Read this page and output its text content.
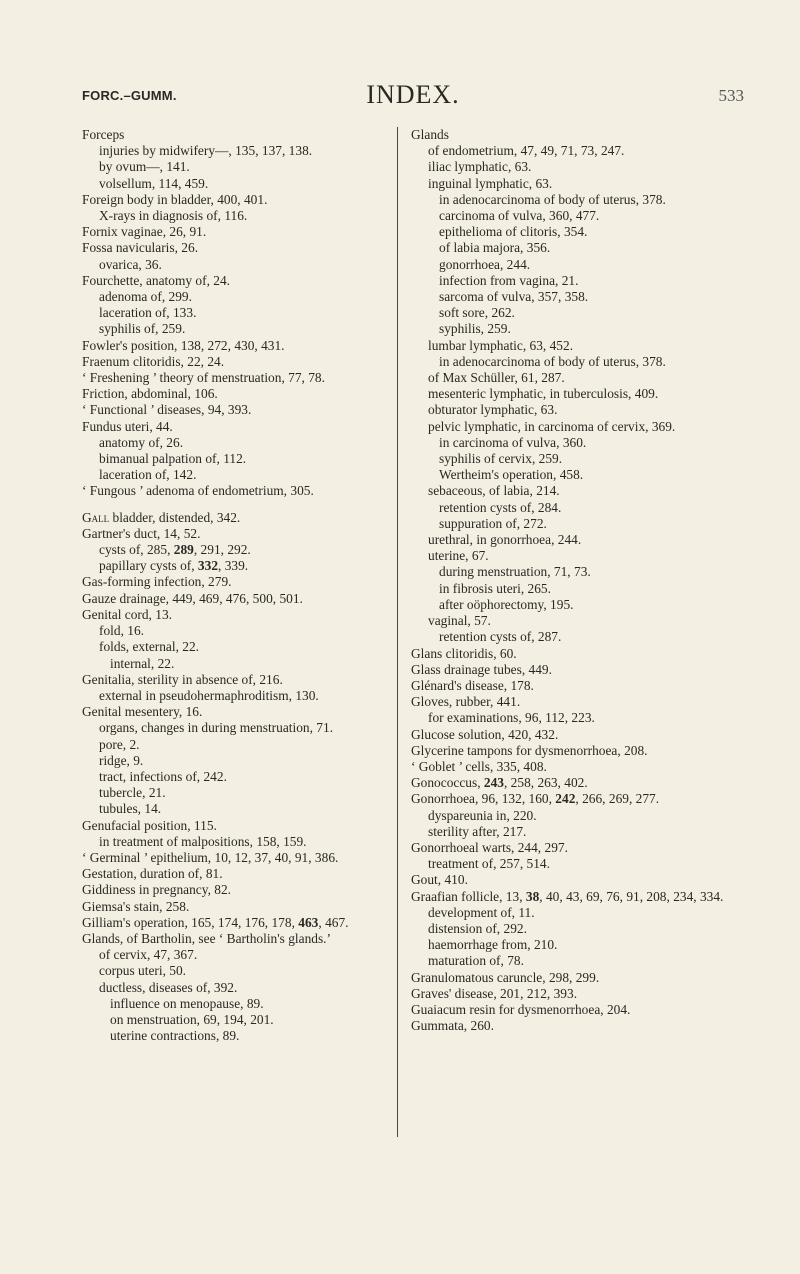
FORC.–GUMM.	INDEX.	533

Forceps

injuries by midwifery—, 135, 137, 138.

by ovum—, 141.

volsellum, 114, 459.

Foreign body in bladder, 400, 401.

X-rays in diagnosis of, 116.

Fornix vaginae, 26, 91.

Fossa navicularis, 26.

ovarica, 36.

Fourchette, anatomy of, 24.

adenoma of, 299.

laceration of, 133.

syphilis of, 259.

Fowler's position, 138, 272, 430, 431.

Fraenum clitoridis, 22, 24.

‘ Freshening ’ theory of menstruation, 77, 78.

Friction, abdominal, 106.

‘ Functional ’ diseases, 94, 393.

Fundus uteri, 44.

anatomy of, 26.

bimanual palpation of, 112.

laceration of, 142.

‘ Fungous ’ adenoma of endometrium, 305.

Gall bladder, distended, 342.

Gartner's duct, 14, 52.

cysts of, 285, 289, 291, 292.

papillary cysts of, 332, 339.

Gas-forming infection, 279.

Gauze drainage, 449, 469, 476, 500, 501.

Genital cord, 13.

fold, 16.

folds, external, 22.

internal, 22.

Genitalia, sterility in absence of, 216.

external in pseudohermaphroditism, 130.

Genital mesentery, 16.

organs, changes in during menstruation, 71.

pore, 2.

ridge, 9.

tract, infections of, 242.

tubercle, 21.

tubules, 14.

Genufacial position, 115.

in treatment of malpositions, 158, 159.

‘ Germinal ’ epithelium, 10, 12, 37, 40, 91, 386.

Gestation, duration of, 81.

Giddiness in pregnancy, 82.

Giemsa's stain, 258.

Gilliam's operation, 165, 174, 176, 178, 463, 467.

Glands, of Bartholin, see ‘ Bartholin's glands.’

of cervix, 47, 367.

corpus uteri, 50.

ductless, diseases of, 392.

influence on menopause, 89.

on menstruation, 69, 194, 201.

uterine contractions, 89.

Glands

of endometrium, 47, 49, 71, 73, 247.

iliac lymphatic, 63.

inguinal lymphatic, 63.

in adenocarcinoma of body of uterus, 378.

carcinoma of vulva, 360, 477.

epithelioma of clitoris, 354.

of labia majora, 356.

gonorrhoea, 244.

infection from vagina, 21.

sarcoma of vulva, 357, 358.

soft sore, 262.

syphilis, 259.

lumbar lymphatic, 63, 452.

in adenocarcinoma of body of uterus, 378.

of Max Schüller, 61, 287.

mesenteric lymphatic, in tuberculosis, 409.

obturator lymphatic, 63.

pelvic lymphatic, in carcinoma of cervix, 369.

in carcinoma of vulva, 360.

syphilis of cervix, 259.

Wertheim's operation, 458.

sebaceous, of labia, 214.

retention cysts of, 284.

suppuration of, 272.

urethral, in gonorrhoea, 244.

uterine, 67.

during menstruation, 71, 73.

in fibrosis uteri, 265.

after oöphorectomy, 195.

vaginal, 57.

retention cysts of, 287.

Glans clitoridis, 60.

Glass drainage tubes, 449.

Glénard's disease, 178.

Gloves, rubber, 441.

for examinations, 96, 112, 223.

Glucose solution, 420, 432.

Glycerine tampons for dysmenorrhoea, 208.

‘ Goblet ’ cells, 335, 408.

Gonococcus, 243, 258, 263, 402.

Gonorrhoea, 96, 132, 160, 242, 266, 269, 277.

dyspareunia in, 220.

sterility after, 217.

Gonorrhoeal warts, 244, 297.

treatment of, 257, 514.

Gout, 410.

Graafian follicle, 13, 38, 40, 43, 69, 76, 91, 208, 234, 334.

development of, 11.

distension of, 292.

haemorrhage from, 210.

maturation of, 78.

Granulomatous caruncle, 298, 299.

Graves' disease, 201, 212, 393.

Guaiacum resin for dysmenorrhoea, 204.

Gummata, 260.
